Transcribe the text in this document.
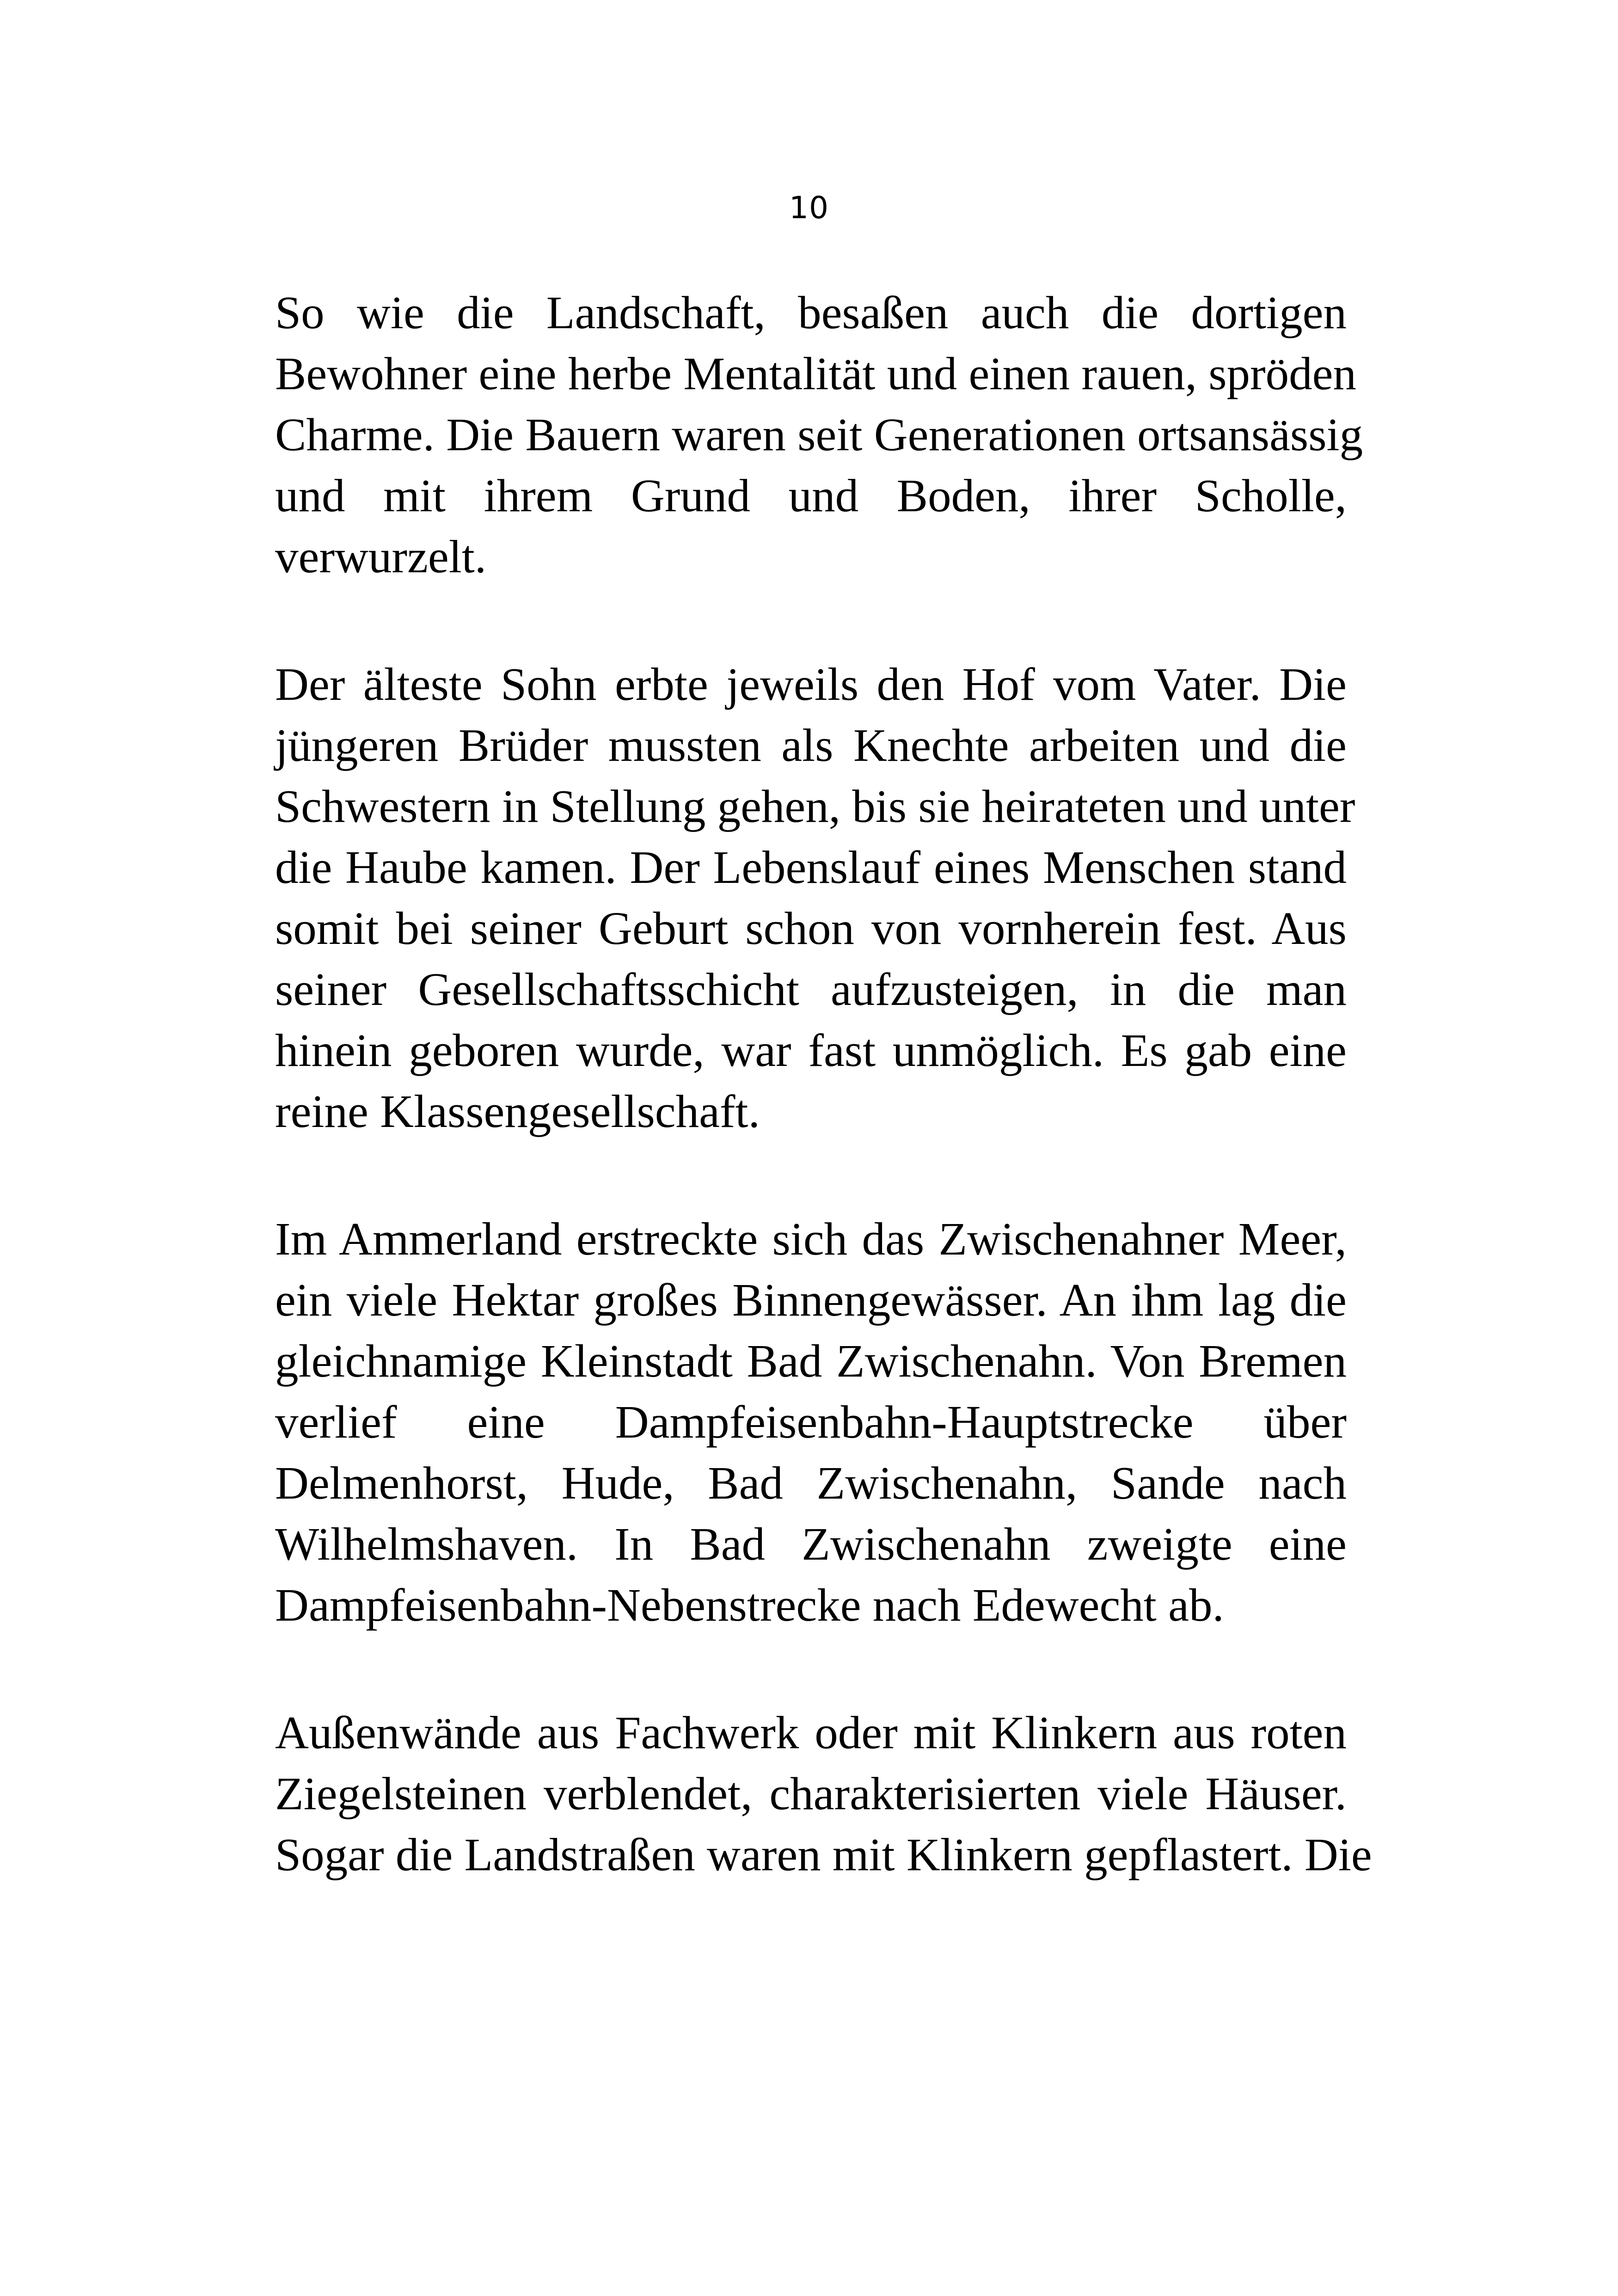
10
So wie die Landschaft, besaßen auch die dortigen
Bewohner eine herbe Mentalität und einen rauen, spröden
Charme. Die Bauern waren seit Generationen ortsansässig
und mit ihrem Grund und Boden, ihrer Scholle,
verwurzelt.
Der älteste Sohn erbte jeweils den Hof vom Vater. Die
jüngeren Brüder mussten als Knechte arbeiten und die
Schwestern in Stellung gehen, bis sie heirateten und unter
die Haube kamen. Der Lebenslauf eines Menschen stand
somit bei seiner Geburt schon von vornherein fest. Aus
seiner Gesellschaftsschicht aufzusteigen, in die man
hinein geboren wurde, war fast unmöglich. Es gab eine
reine Klassengesellschaft.
Im Ammerland erstreckte sich das Zwischenahner Meer,
ein viele Hektar großes Binnengewässer. An ihm lag die
gleichnamige Kleinstadt Bad Zwischenahn. Von Bremen
verlief eine Dampfeisenbahn-Hauptstrecke über
Delmenhorst, Hude, Bad Zwischenahn, Sande nach
Wilhelmshaven. In Bad Zwischenahn zweigte eine
Dampfeisenbahn-Nebenstrecke nach Edewecht ab.
Außenwände aus Fachwerk oder mit Klinkern aus roten
Ziegelsteinen verblendet, charakterisierten viele Häuser.
Sogar die Landstraßen waren mit Klinkern gepflastert. Die
